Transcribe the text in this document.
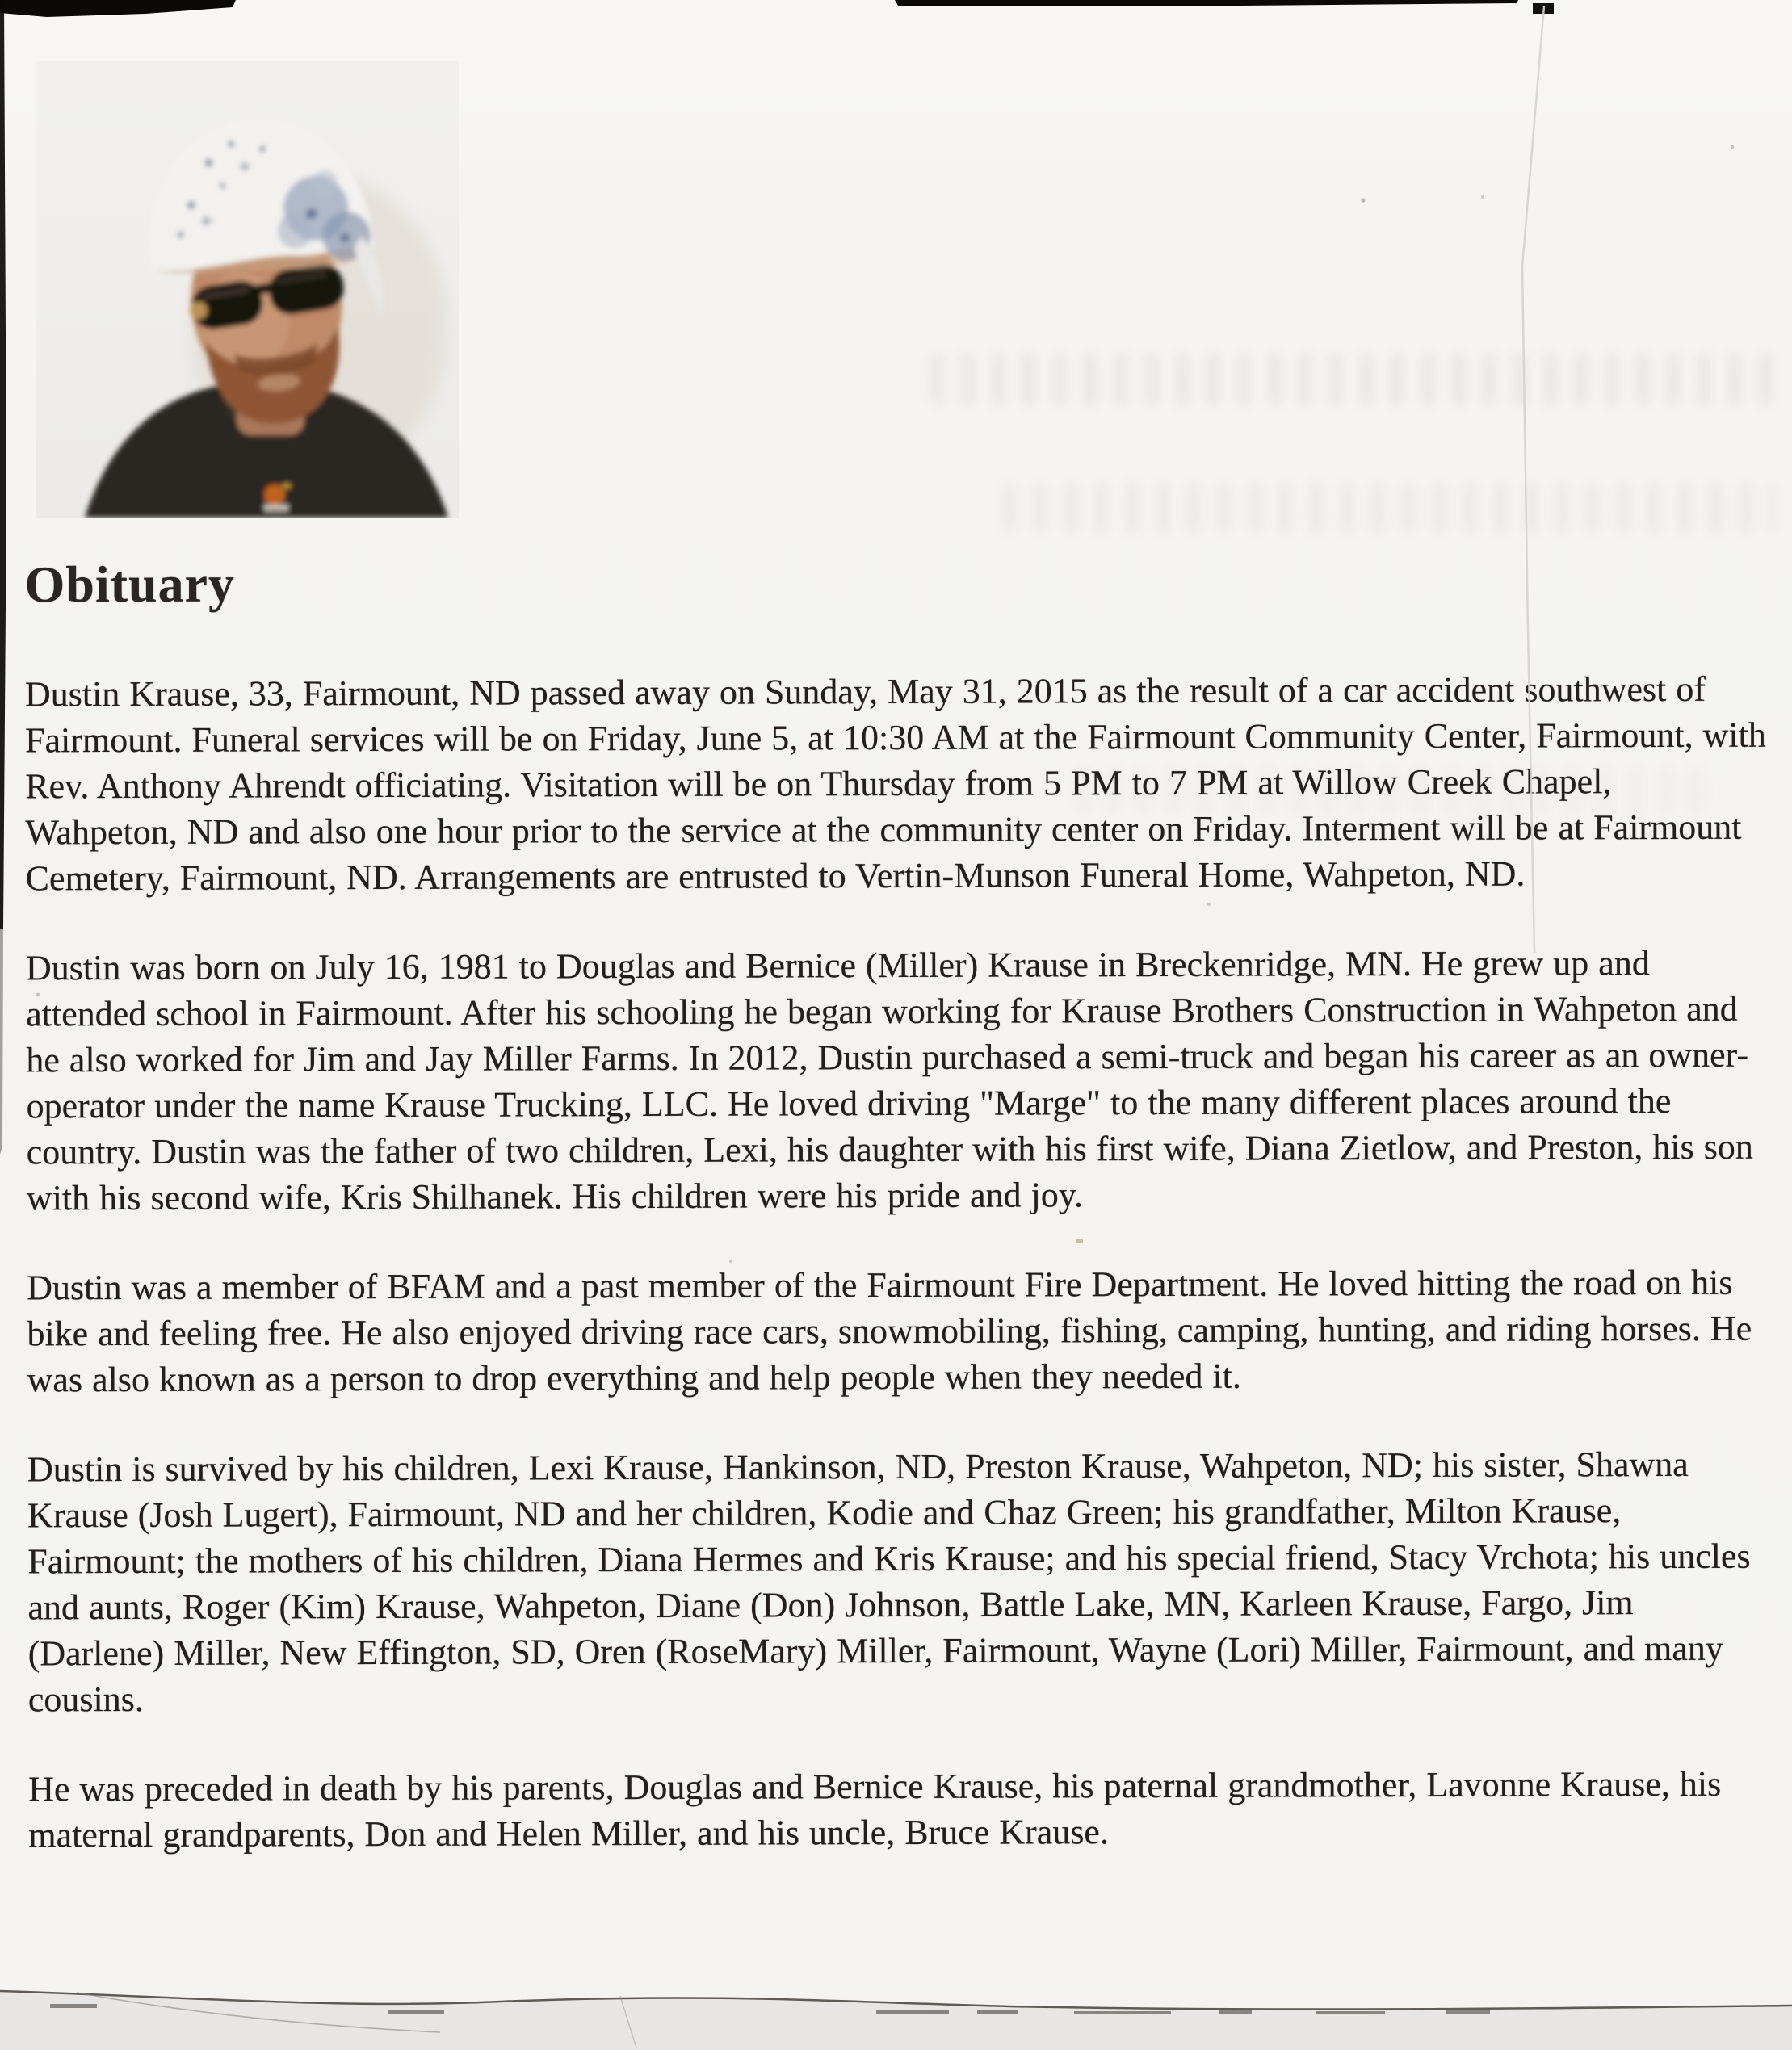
Obituary

Dustin Krause, 33, Fairmount, ND passed away on Sunday, May 31, 2015 as the result of a car accident southwest of Fairmount. Funeral services will be on Friday, June 5, at 10:30 AM at the Fairmount Community Center, Fairmount, with Rev. Anthony Ahrendt officiating. Visitation will be on Thursday from 5 PM to 7 PM at Willow Creek Chapel, Wahpeton, ND and also one hour prior to the service at the community center on Friday. Interment will be at Fairmount Cemetery, Fairmount, ND. Arrangements are entrusted to Vertin-Munson Funeral Home, Wahpeton, ND.

Dustin was born on July 16, 1981 to Douglas and Bernice (Miller) Krause in Breckenridge, MN. He grew up and attended school in Fairmount. After his schooling he began working for Krause Brothers Construction in Wahpeton and he also worked for Jim and Jay Miller Farms. In 2012, Dustin purchased a semi-truck and began his career as an owner-operator under the name Krause Trucking, LLC. He loved driving "Marge" to the many different places around the country. Dustin was the father of two children, Lexi, his daughter with his first wife, Diana Zietlow, and Preston, his son with his second wife, Kris Shilhanek. His children were his pride and joy.

Dustin was a member of BFAM and a past member of the Fairmount Fire Department. He loved hitting the road on his bike and feeling free. He also enjoyed driving race cars, snowmobiling, fishing, camping, hunting, and riding horses. He was also known as a person to drop everything and help people when they needed it.

Dustin is survived by his children, Lexi Krause, Hankinson, ND, Preston Krause, Wahpeton, ND; his sister, Shawna Krause (Josh Lugert), Fairmount, ND and her children, Kodie and Chaz Green; his grandfather, Milton Krause, Fairmount; the mothers of his children, Diana Hermes and Kris Krause; and his special friend, Stacy Vrchota; his uncles and aunts, Roger (Kim) Krause, Wahpeton, Diane (Don) Johnson, Battle Lake, MN, Karleen Krause, Fargo, Jim (Darlene) Miller, New Effington, SD, Oren (RoseMary) Miller, Fairmount, Wayne (Lori) Miller, Fairmount, and many cousins.

He was preceded in death by his parents, Douglas and Bernice Krause, his paternal grandmother, Lavonne Krause, his maternal grandparents, Don and Helen Miller, and his uncle, Bruce Krause.
